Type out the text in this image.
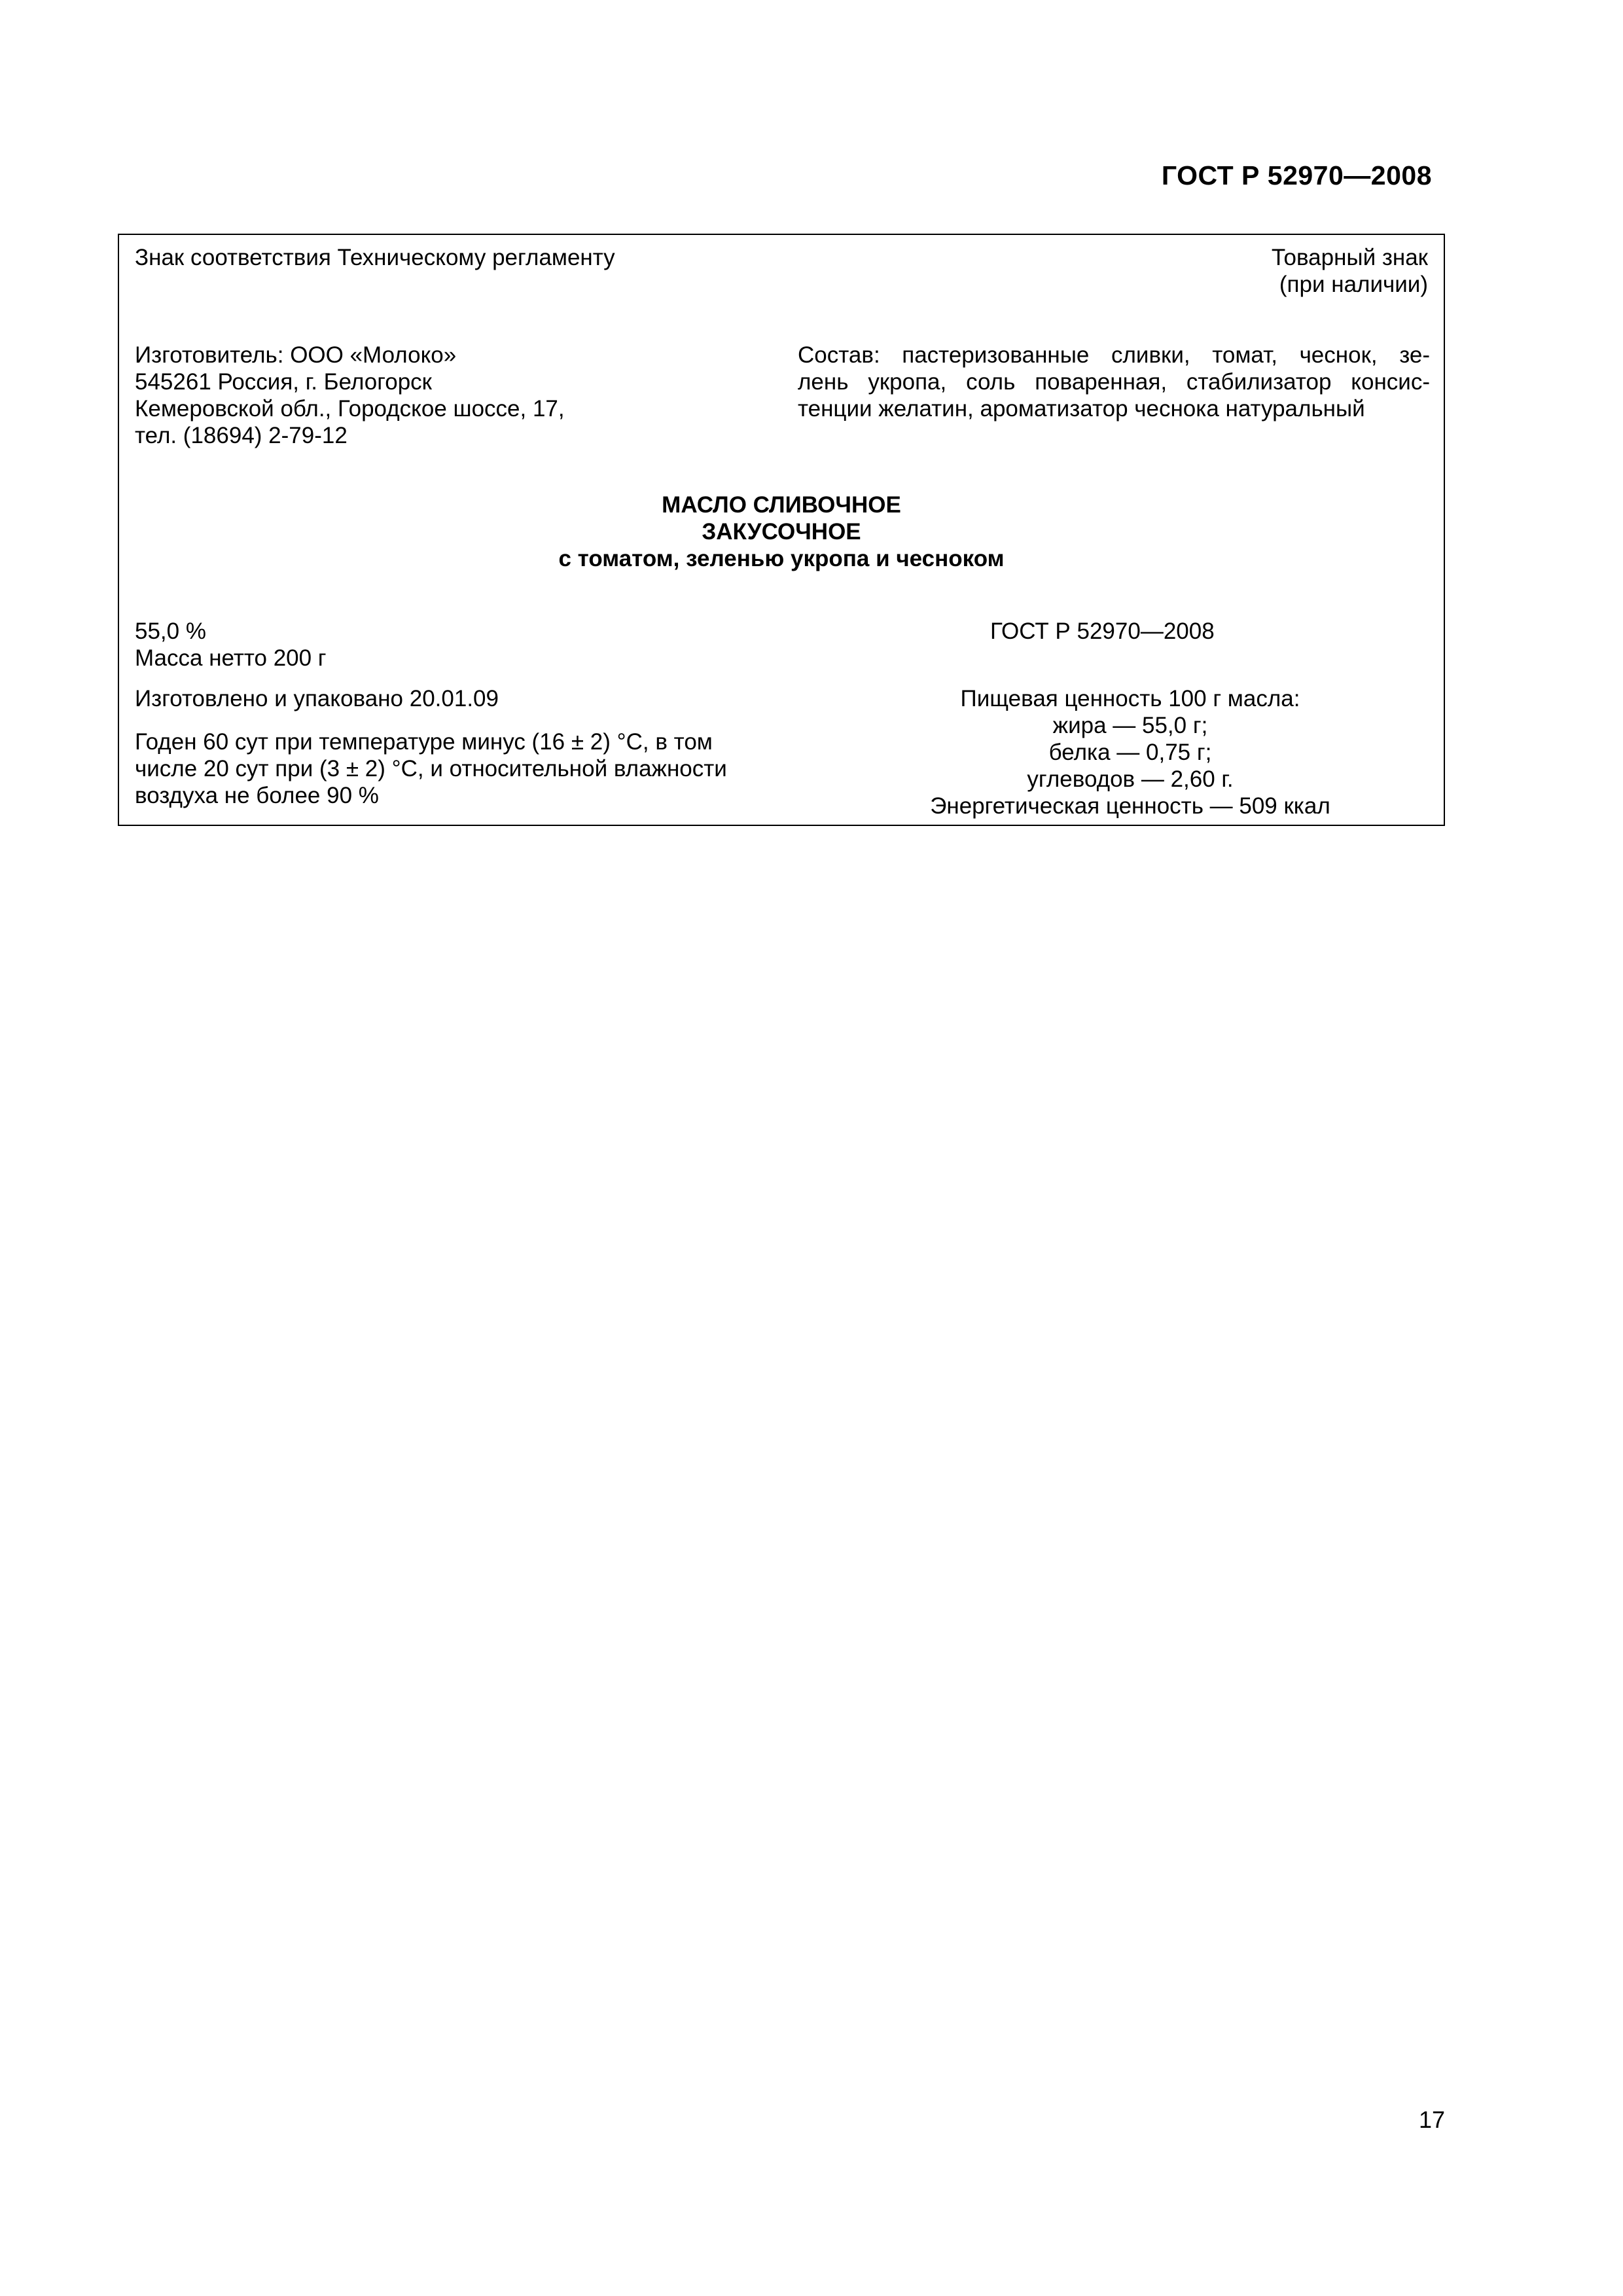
ГОСТ Р 52970—2008
Знак соответствия Техническому регламенту	Товарный знак
(при наличии)
Изготовитель: ООО «Молоко»
545261 Россия, г. Белогорск
Кемеровской обл., Городское шоссе, 17,
тел. (18694) 2-79-12
Состав: пастеризованные сливки, томат, чеснок, зе-
лень укропа, соль поваренная, стабилизатор консис-
тенции желатин, ароматизатор чеснока натуральный
МАСЛО СЛИВОЧНОЕ
ЗАКУСОЧНОЕ
с томатом, зеленью укропа и чесноком
55,0 %
Масса нетто 200 г
ГОСТ Р 52970—2008
Изготовлено и упаковано 20.01.09
Годен 60 сут при температуре минус (16 ± 2) °С, в том
числе 20 сут при (3 ± 2) °С, и относительной влажности
воздуха не более 90 %
Пищевая ценность 100 г масла:
жира — 55,0 г;
белка — 0,75 г;
углеводов — 2,60 г.
Энергетическая ценность — 509 ккал
17
